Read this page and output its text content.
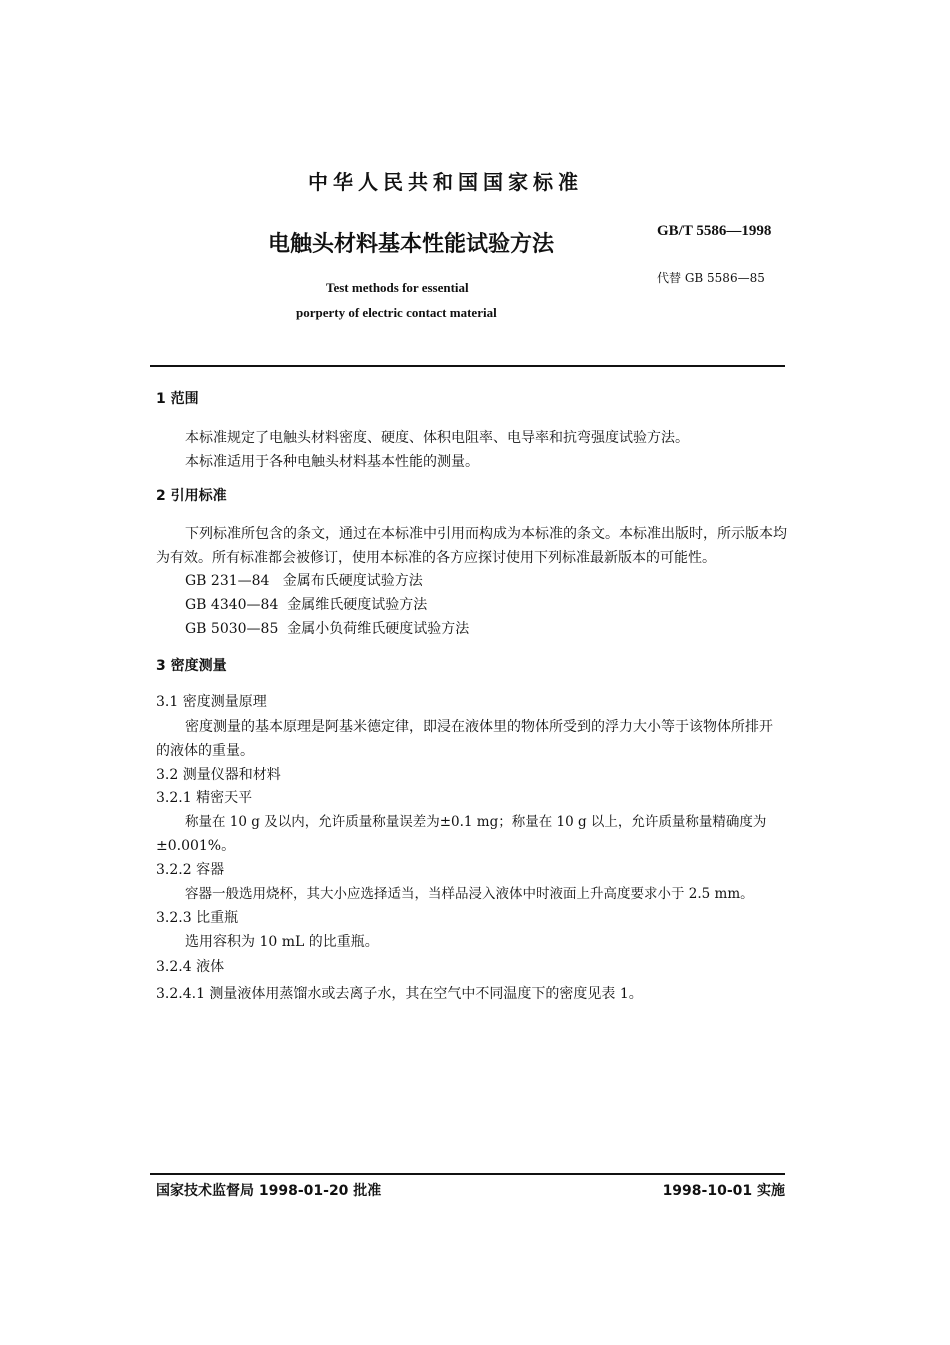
中华人民共和国国家标准
电触头材料基本性能试验方法
GB/T 5586—1998
代替 GB 5586—85
Test methods for essential
porperty of electric contact material
1 范围
本标准规定了电触头材料密度、硬度、体积电阻率、电导率和抗弯强度试验方法。
本标准适用于各种电触头材料基本性能的测量。
2 引用标准
下列标准所包含的条文，通过在本标准中引用而构成为本标准的条文。本标准出版时，所示版本均
为有效。所有标准都会被修订，使用本标准的各方应探讨使用下列标准最新版本的可能性。
GB 231—84   金属布氏硬度试验方法
GB 4340—84  金属维氏硬度试验方法
GB 5030—85  金属小负荷维氏硬度试验方法
3 密度测量
3.1 密度测量原理
密度测量的基本原理是阿基米德定律，即浸在液体里的物体所受到的浮力大小等于该物体所排开
的液体的重量。
3.2 测量仪器和材料
3.2.1 精密天平
称量在 10 g 及以内，允许质量称量误差为±0.1 mg；称量在 10 g 以上，允许质量称量精确度为
±0.001%。
3.2.2 容器
容器一般选用烧杯，其大小应选择适当，当样品浸入液体中时液面上升高度要求小于 2.5 mm。
3.2.3 比重瓶
选用容积为 10 mL 的比重瓶。
3.2.4 液体
3.2.4.1 测量液体用蒸馏水或去离子水，其在空气中不同温度下的密度见表 1。
国家技术监督局 1998-01-20 批准	1998-10-01 实施
